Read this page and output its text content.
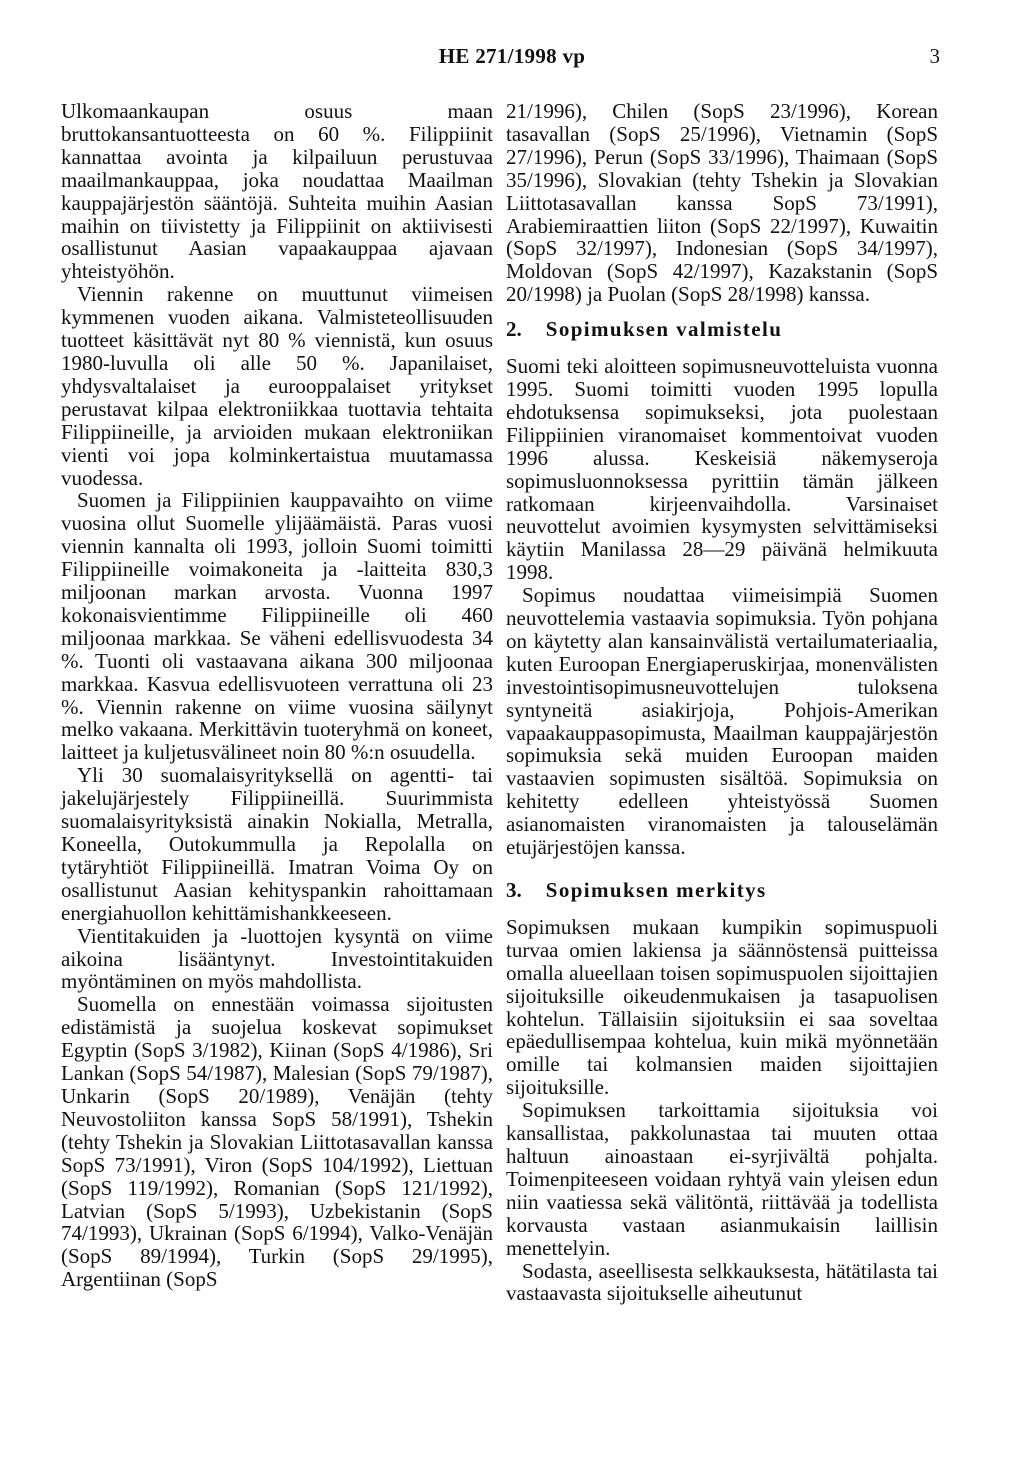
HE 271/1998 vp	3

Ulkomaankaupan osuus maan bruttokansantuotteesta on 60 %. Filippiinit kannattaa avointa ja kilpailuun perustuvaa maailmankauppaa, joka noudattaa Maailman kauppajärjestön sääntöjä. Suhteita muihin Aasian maihin on tiivistetty ja Filippiinit on aktiivisesti osallistunut Aasian vapaakauppaa ajavaan yhteistyöhön.

Viennin rakenne on muuttunut viimeisen kymmenen vuoden aikana. Valmisteteollisuuden tuotteet käsittävät nyt 80 % viennistä, kun osuus 1980-luvulla oli alle 50 %. Japanilaiset, yhdysvaltalaiset ja eurooppalaiset yritykset perustavat kilpaa elektroniikkaa tuottavia tehtaita Filippiineille, ja arvioiden mukaan elektroniikan vienti voi jopa kolminkertaistua muutamassa vuodessa.

Suomen ja Filippiinien kauppavaihto on viime vuosina ollut Suomelle ylijäämäistä. Paras vuosi viennin kannalta oli 1993, jolloin Suomi toimitti Filippiineille voimakoneita ja -laitteita 830,3 miljoonan markan arvosta. Vuonna 1997 kokonaisvientimme Filippiineille oli 460 miljoonaa markkaa. Se väheni edellisvuodesta 34 %. Tuonti oli vastaavana aikana 300 miljoonaa markkaa. Kasvua edellisvuoteen verrattuna oli 23 %. Viennin rakenne on viime vuosina säilynyt melko vakaana. Merkittävin tuoteryhmä on koneet, laitteet ja kuljetusvälineet noin 80 %:n osuudella.

Yli 30 suomalaisyrityksellä on agentti- tai jakelujärjestely Filippiineillä. Suurimmista suomalaisyrityksistä ainakin Nokialla, Metralla, Koneella, Outokummulla ja Repolalla on tytäryhtiöt Filippiineillä. Imatran Voima Oy on osallistunut Aasian kehityspankin rahoittamaan energiahuollon kehittämishankkeeseen.

Vientitakuiden ja -luottojen kysyntä on viime aikoina lisääntynyt. Investointitakuiden myöntäminen on myös mahdollista.

Suomella on ennestään voimassa sijoitusten edistämistä ja suojelua koskevat sopimukset Egyptin (SopS 3/1982), Kiinan (SopS 4/1986), Sri Lankan (SopS 54/1987), Malesian (SopS 79/1987), Unkarin (SopS 20/1989), Venäjän (tehty Neuvostoliiton kanssa SopS 58/1991), Tshekin (tehty Tshekin ja Slovakian Liittotasavallan kanssa SopS 73/1991), Viron (SopS 104/1992), Liettuan (SopS 119/1992), Romanian (SopS 121/1992), Latvian (SopS 5/1993), Uzbekistanin (SopS 74/1993), Ukrainan (SopS 6/1994), Valko-Venäjän (SopS 89/1994), Turkin (SopS 29/1995), Argentiinan (SopS

21/1996), Chilen (SopS 23/1996), Korean tasavallan (SopS 25/1996), Vietnamin (SopS 27/1996), Perun (SopS 33/1996), Thaimaan (SopS 35/1996), Slovakian (tehty Tshekin ja Slovakian Liittotasavallan kanssa SopS 73/1991), Arabiemiraattien liiton (SopS 22/1997), Kuwaitin (SopS 32/1997), Indonesian (SopS 34/1997), Moldovan (SopS 42/1997), Kazakstanin (SopS 20/1998) ja Puolan (SopS 28/1998) kanssa.

2. Sopimuksen valmistelu

Suomi teki aloitteen sopimusneuvotteluista vuonna 1995. Suomi toimitti vuoden 1995 lopulla ehdotuksensa sopimukseksi, jota puolestaan Filippiinien viranomaiset kommentoivat vuoden 1996 alussa. Keskeisiä näkemyseroja sopimusluonnoksessa pyrittiin tämän jälkeen ratkomaan kirjeenvaihdolla. Varsinaiset neuvottelut avoimien kysymysten selvittämiseksi käytiin Manilassa 28—29 päivänä helmikuuta 1998.

Sopimus noudattaa viimeisimpiä Suomen neuvottelemia vastaavia sopimuksia. Työn pohjana on käytetty alan kansainvälistä vertailumateriaalia, kuten Euroopan Energiaperuskirjaa, monenvälisten investointisopimusneuvottelujen tuloksena syntyneitä asiakirjoja, Pohjois-Amerikan vapaakauppasopimusta, Maailman kauppajärjestön sopimuksia sekä muiden Euroopan maiden vastaavien sopimusten sisältöä. Sopimuksia on kehitetty edelleen yhteistyössä Suomen asianomaisten viranomaisten ja talouselämän etujärjestöjen kanssa.

3. Sopimuksen merkitys

Sopimuksen mukaan kumpikin sopimuspuoli turvaa omien lakiensa ja säännöstensä puitteissa omalla alueellaan toisen sopimuspuolen sijoittajien sijoituksille oikeudenmukaisen ja tasapuolisen kohtelun. Tällaisiin sijoituksiin ei saa soveltaa epäedullisempaa kohtelua, kuin mikä myönnetään omille tai kolmansien maiden sijoittajien sijoituksille.

Sopimuksen tarkoittamia sijoituksia voi kansallistaa, pakkolunastaa tai muuten ottaa haltuun ainoastaan ei-syrjivältä pohjalta. Toimenpiteeseen voidaan ryhtyä vain yleisen edun niin vaatiessa sekä välitöntä, riittävää ja todellista korvausta vastaan asianmukaisin laillisin menettelyin.

Sodasta, aseellisesta selkkauksesta, hätätilasta tai vastaavasta sijoitukselle aiheutunut
